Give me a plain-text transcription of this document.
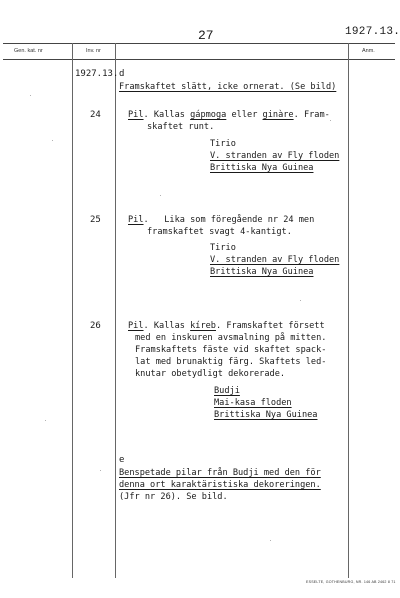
27	1927.13.
Gen. kat. nr	Inv. nr	Anm.
1927.13. d
Framskaftet slätt, icke ornerat. (Se bild)
24	Pil. Kallas gápmoga eller ginàre. Fram-
skaftet runt.
Tirio
V. stranden av Fly floden
Brittiska Nya Guinea
25	Pil.   Lika som föregående nr 24 men
framskaftet svagt 4-kantigt.
Tirio
V. stranden av Fly floden
Brittiska Nya Guinea
26	Pil. Kallas kíreb. Framskaftet försett
med en inskuren avsmalning på mitten.
Framskaftets fäste vid skaftet spack-
lat med brunaktig färg. Skaftets led-
knutar obetydligt dekorerade.
Budji
Mai-kasa floden
Brittiska Nya Guinea
e
Benspetade pilar från Budji med den för
denna ort karaktäristiska dekoreringen.
(Jfr nr 26). Se bild.
ESSELTE, GOTHENBURG, NR. 146 AB 2462 8 71
